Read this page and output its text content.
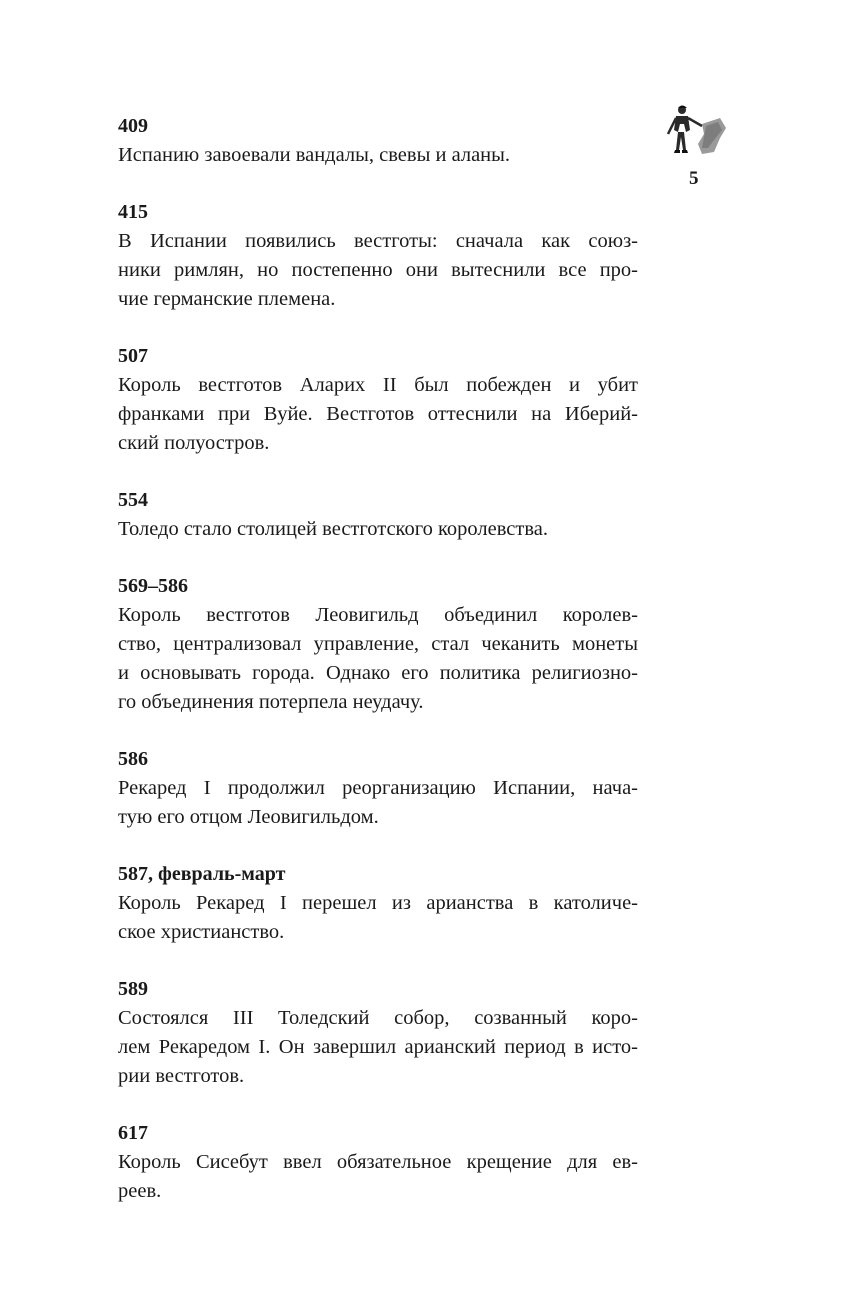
5

409

Испанию завоевали вандалы, свевы и аланы.

415

В Испании появились вестготы: сначала как союз-
ники римлян, но постепенно они вытеснили все про-
чие германские племена.

507

Король вестготов Аларих II был побежден и убит
франками при Вуйе. Вестготов оттеснили на Иберий-
ский полуостров.

554

Толедо стало столицей вестготского королевства.

569–586

Король вестготов Леовигильд объединил королев-
ство, централизовал управление, стал чеканить монеты
и основывать города. Однако его политика религиозно-
го объединения потерпела неудачу.

586

Рекаред I продолжил реорганизацию Испании, нача-
тую его отцом Леовигильдом.

587, февраль-март

Король Рекаред I перешел из арианства в католиче-
ское христианство.

589

Состоялся III Толедский собор, созванный коро-
лем Рекаредом I. Он завершил арианский период в исто-
рии вестготов.

617

Король Сисебут ввел обязательное крещение для ев-
реев.
